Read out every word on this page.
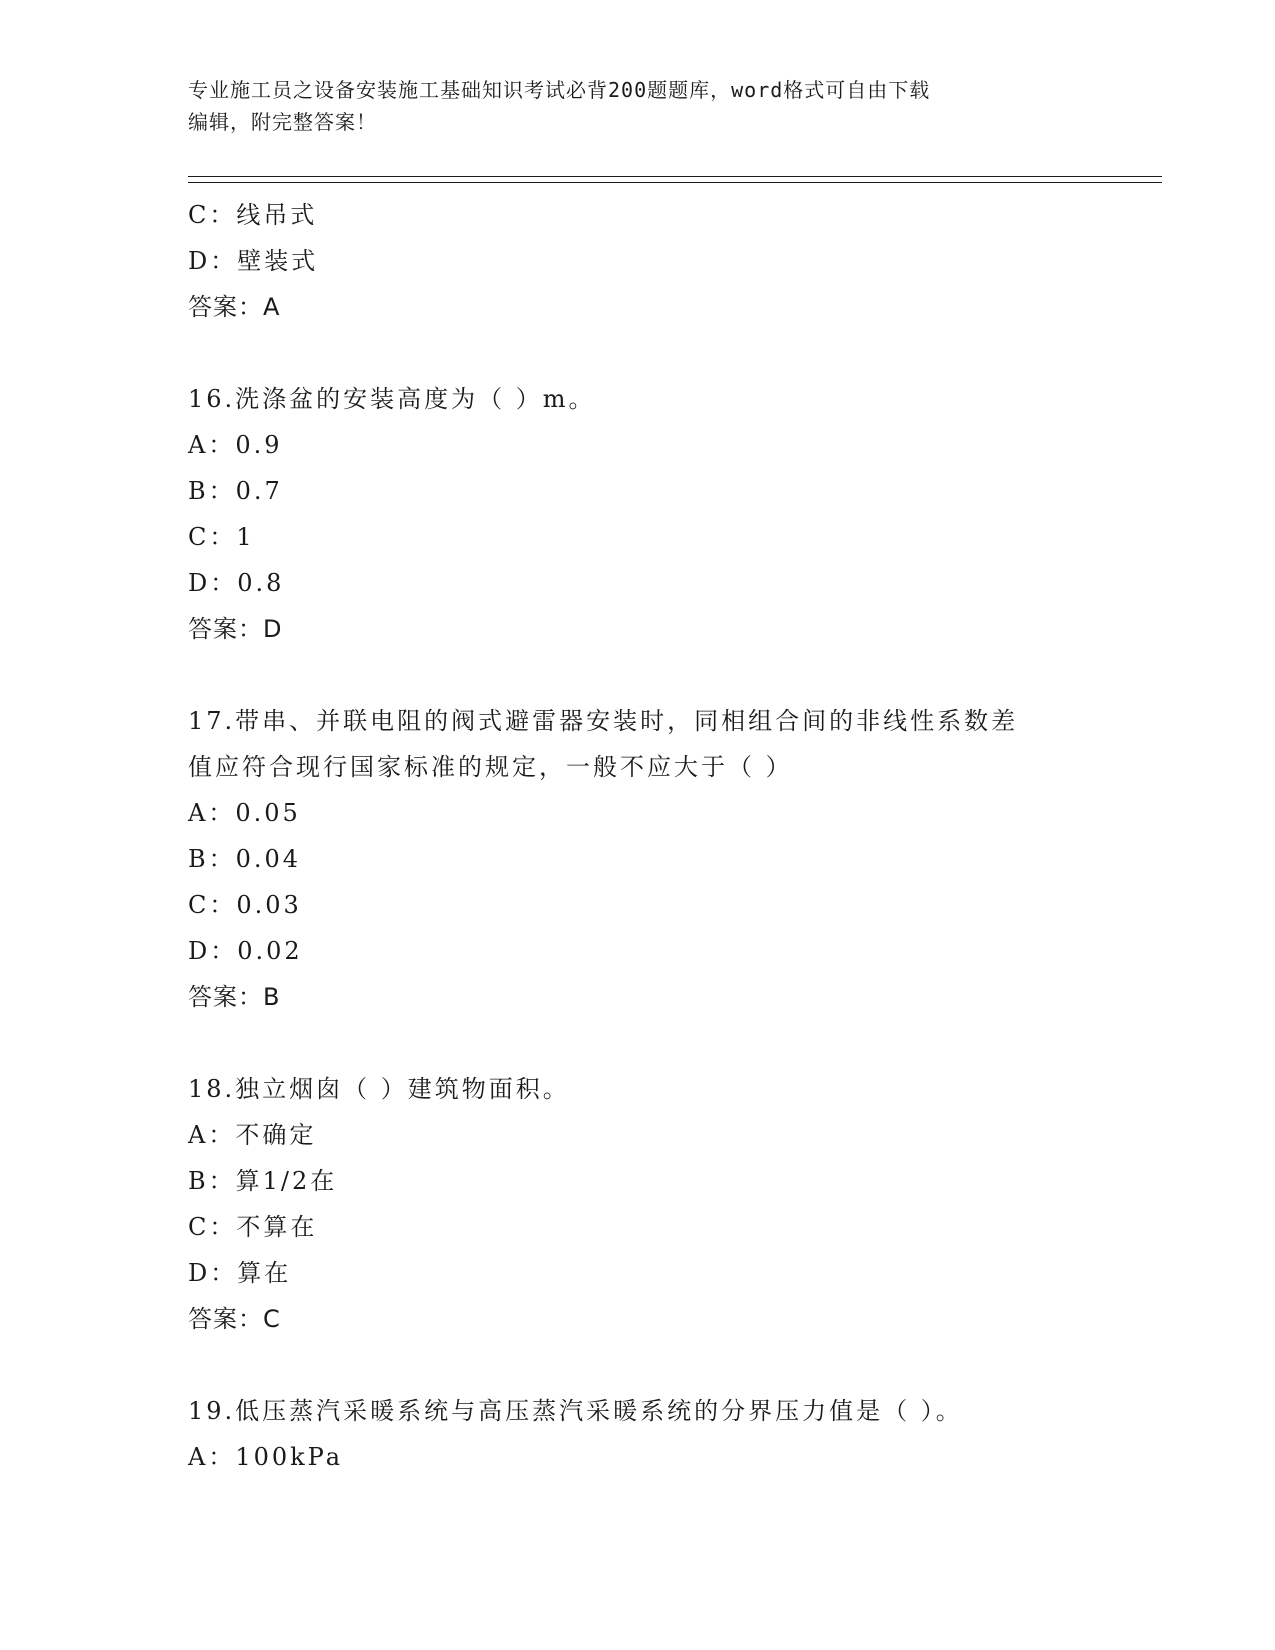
专业施工员之设备安装施工基础知识考试必背200题题库，word格式可自由下载
编辑，附完整答案！
C：线吊式
D：壁装式
答案：A
16.洗涤盆的安装高度为（ ）m。
A：0.9
B：0.7
C：1
D：0.8
答案：D
17.带串、并联电阻的阀式避雷器安装时，同相组合间的非线性系数差
值应符合现行国家标准的规定，一般不应大于（ ）
A：0.05
B：0.04
C：0.03
D：0.02
答案：B
18.独立烟囱（ ）建筑物面积。
A：不确定
B：算1/2在
C：不算在
D：算在
答案：C
19.低压蒸汽采暖系统与高压蒸汽采暖系统的分界压力值是（ ）。
A：100kPa
